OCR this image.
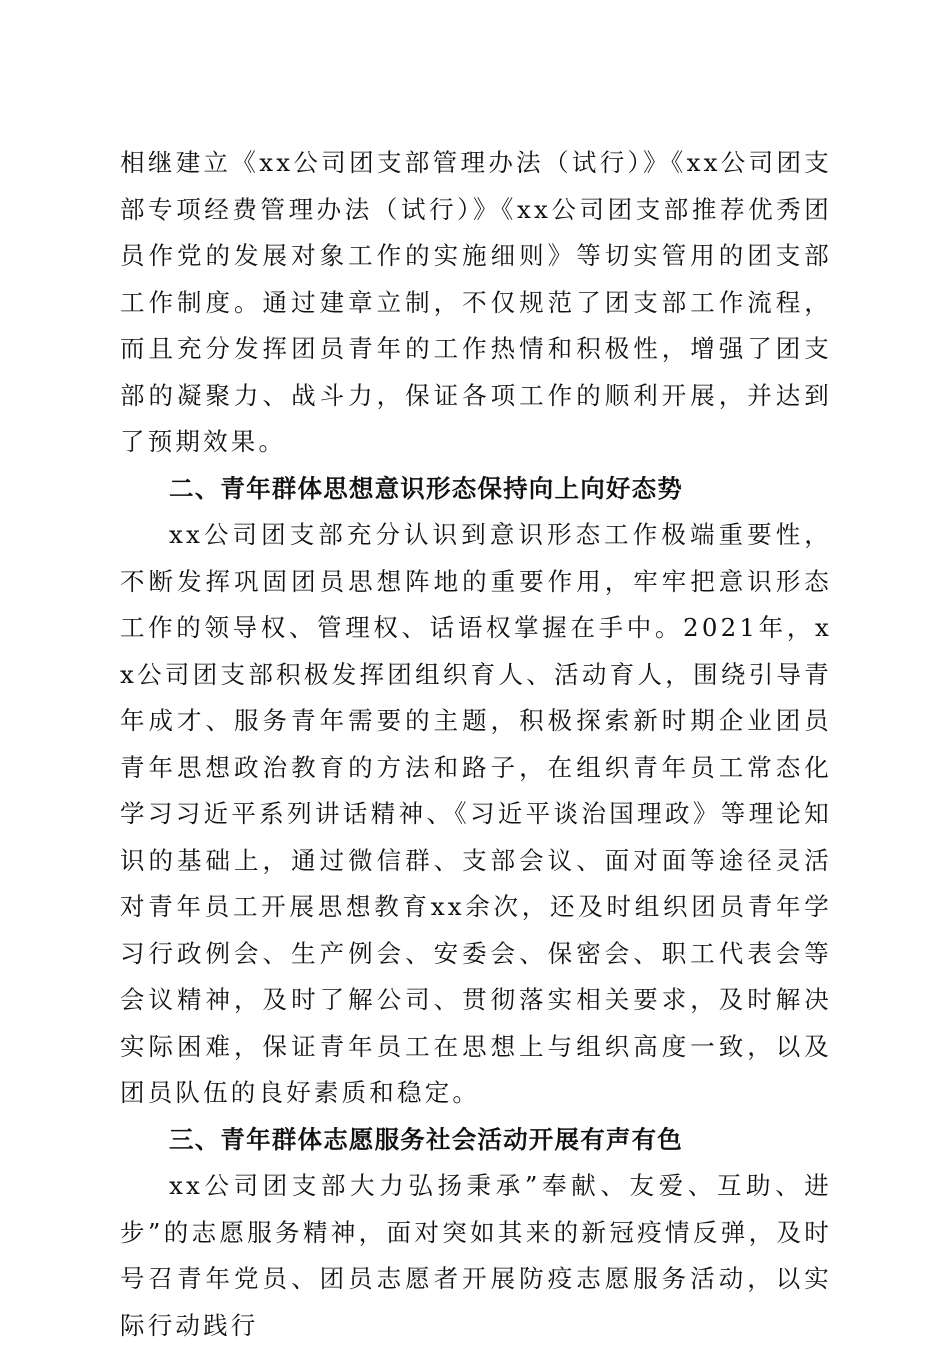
相继建立《xx公司团支部管理办法（试行）》《xx公司团支部专项经费管理办法（试行）》《xx公司团支部推荐优秀团员作党的发展对象工作的实施细则》等切实管用的团支部工作制度。通过建章立制，不仅规范了团支部工作流程，而且充分发挥团员青年的工作热情和积极性，增强了团支部的凝聚力、战斗力，保证各项工作的顺利开展，并达到了预期效果。

二、青年群体思想意识形态保持向上向好态势

xx公司团支部充分认识到意识形态工作极端重要性，不断发挥巩固团员思想阵地的重要作用，牢牢把意识形态工作的领导权、管理权、话语权掌握在手中。2021年，xx公司团支部积极发挥团组织育人、活动育人，围绕引导青年成才、服务青年需要的主题，积极探索新时期企业团员青年思想政治教育的方法和路子，在组织青年员工常态化学习习近平系列讲话精神、《习近平谈治国理政》等理论知识的基础上，通过微信群、支部会议、面对面等途径灵活对青年员工开展思想教育xx余次，还及时组织团员青年学习行政例会、生产例会、安委会、保密会、职工代表会等会议精神，及时了解公司、贯彻落实相关要求，及时解决实际困难，保证青年员工在思想上与组织高度一致，以及团员队伍的良好素质和稳定。

三、青年群体志愿服务社会活动开展有声有色

xx公司团支部大力弘扬秉承”奉献、友爱、互助、进步”的志愿服务精神，面对突如其来的新冠疫情反弹，及时号召青年党员、团员志愿者开展防疫志愿服务活动，以实际行动践行
